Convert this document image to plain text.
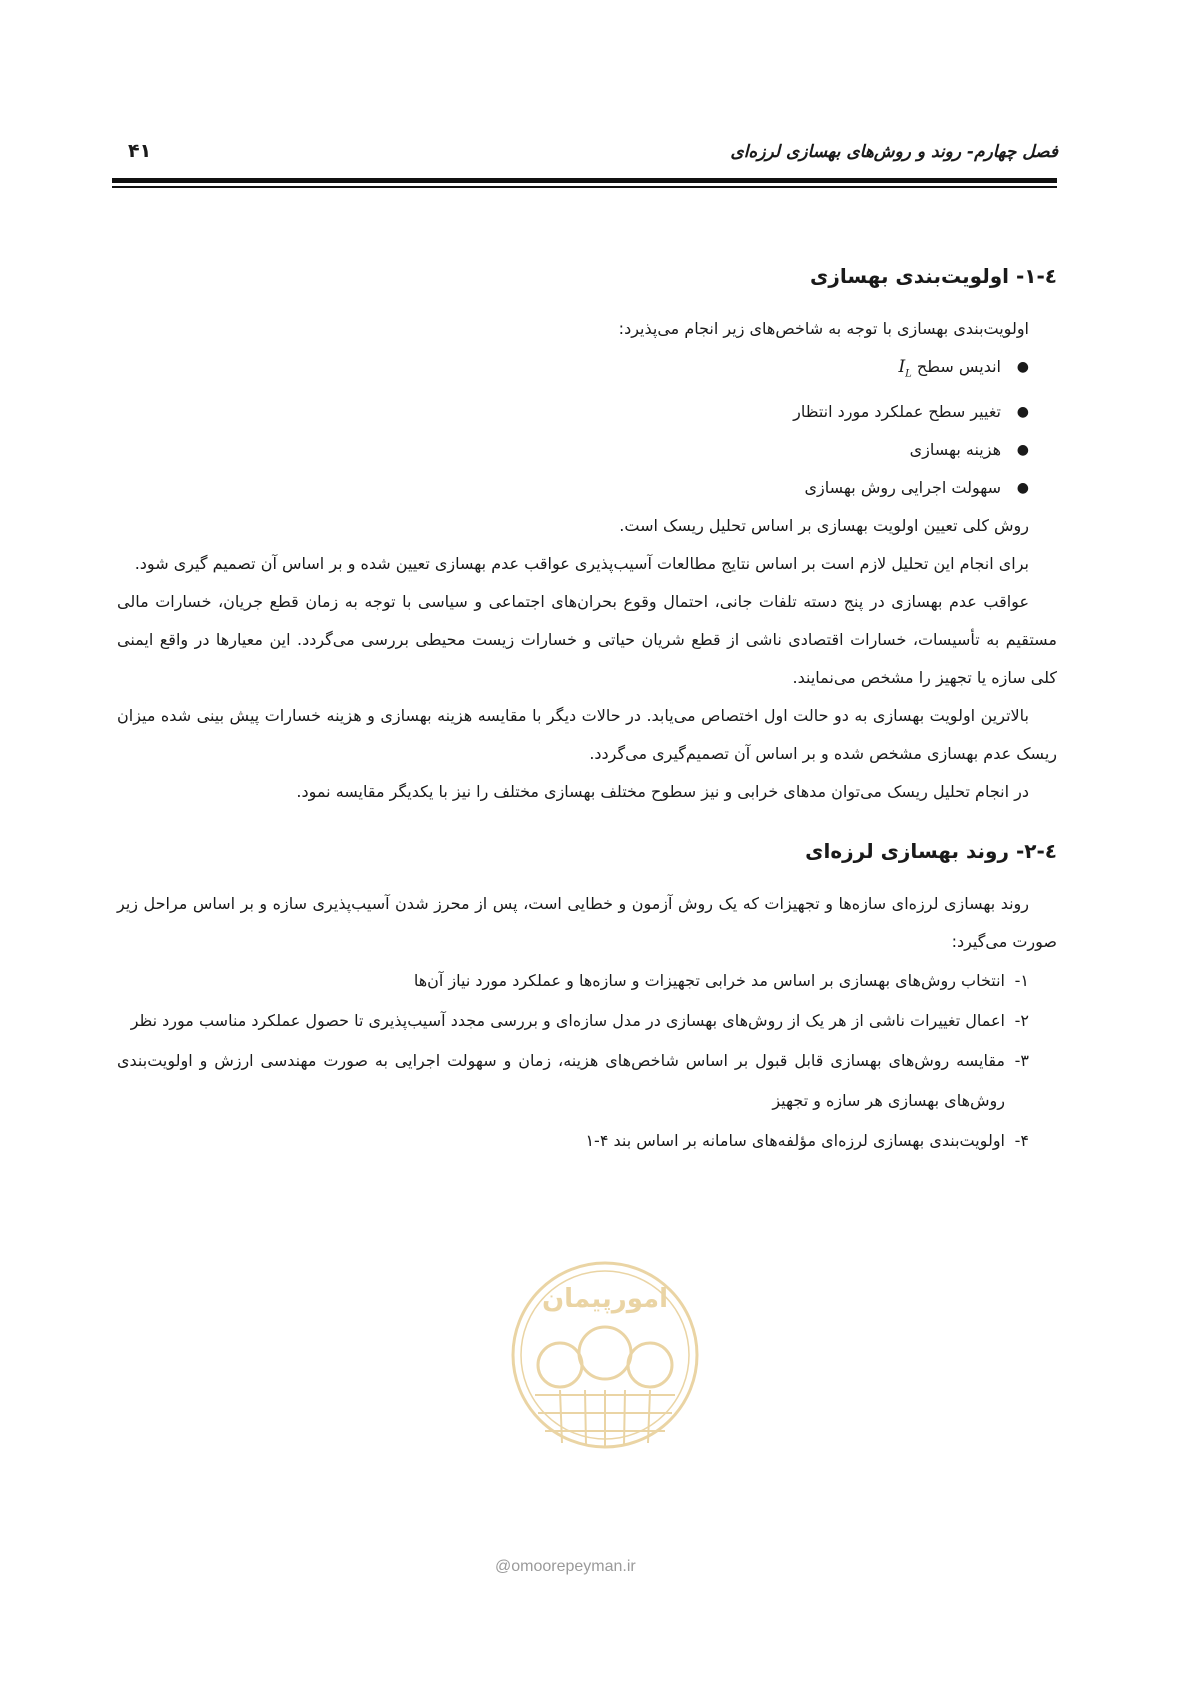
فصل چهارم- روند و روش‌های بهسازی لرزه‌ای
۴۱
٤-١- اولویت‌بندی بهسازی

اولویت‌بندی بهسازی با توجه به شاخص‌های زیر انجام می‌پذیرد:

●
اندیس سطح $I_L$
●
تغییر سطح عملکرد مورد انتظار
●
هزینه بهسازی
●
سهولت اجرایی روش بهسازی

روش کلی تعیین اولویت بهسازی بر اساس تحلیل ریسک است.

برای انجام این تحلیل لازم است بر اساس نتایج مطالعات آسیب‌پذیری عواقب عدم بهسازی تعیین شده و بر اساس آن تصمیم گیری شود.

عواقب عدم بهسازی در پنج دسته تلفات جانی، احتمال وقوع بحران‌های اجتماعی و سیاسی با توجه به زمان قطع جریان، خسارات مالی مستقیم به تأسیسات، خسارات اقتصادی ناشی از قطع شریان حیاتی و خسارات زیست محیطی بررسی می‌گردد. این معیارها در واقع ایمنی کلی سازه یا تجهیز را مشخص می‌نمایند.

بالاترین اولویت بهسازی به دو حالت اول اختصاص می‌یابد. در حالات دیگر با مقایسه هزینه بهسازی و هزینه خسارات پیش بینی شده میزان ریسک عدم بهسازی مشخص شده و بر اساس آن تصمیم‌گیری می‌گردد.

در انجام تحلیل ریسک می‌توان مدهای خرابی و نیز سطوح مختلف بهسازی مختلف را نیز با یکدیگر مقایسه نمود.

٤-٢- روند بهسازی لرزه‌ای

روند بهسازی لرزه‌ای سازه‌ها و تجهیزات که یک روش آزمون و خطایی است، پس از محرز شدن آسیب‌پذیری سازه و بر اساس مراحل زیر صورت می‌گیرد:

۱-
انتخاب روش‌های بهسازی بر اساس مد خرابی تجهیزات و سازه‌ها و عملکرد مورد نیاز آن‌ها
۲-
اعمال تغییرات ناشی از هر یک از روش‌های بهسازی در مدل سازه‌ای و بررسی مجدد آسیب‌پذیری تا حصول عملکرد مناسب مورد نظر
۳-
مقایسه روش‌های بهسازی قابل قبول بر اساس شاخص‌های هزینه، زمان و سهولت اجرایی به صورت مهندسی ارزش و اولویت‌بندی روش‌های بهسازی هر سازه و تجهیز
۴-
اولویت‌بندی بهسازی لرزه‌ای مؤلفه‌های سامانه بر اساس بند ۴-۱
امورپیمان
@omoorepeyman.ir
